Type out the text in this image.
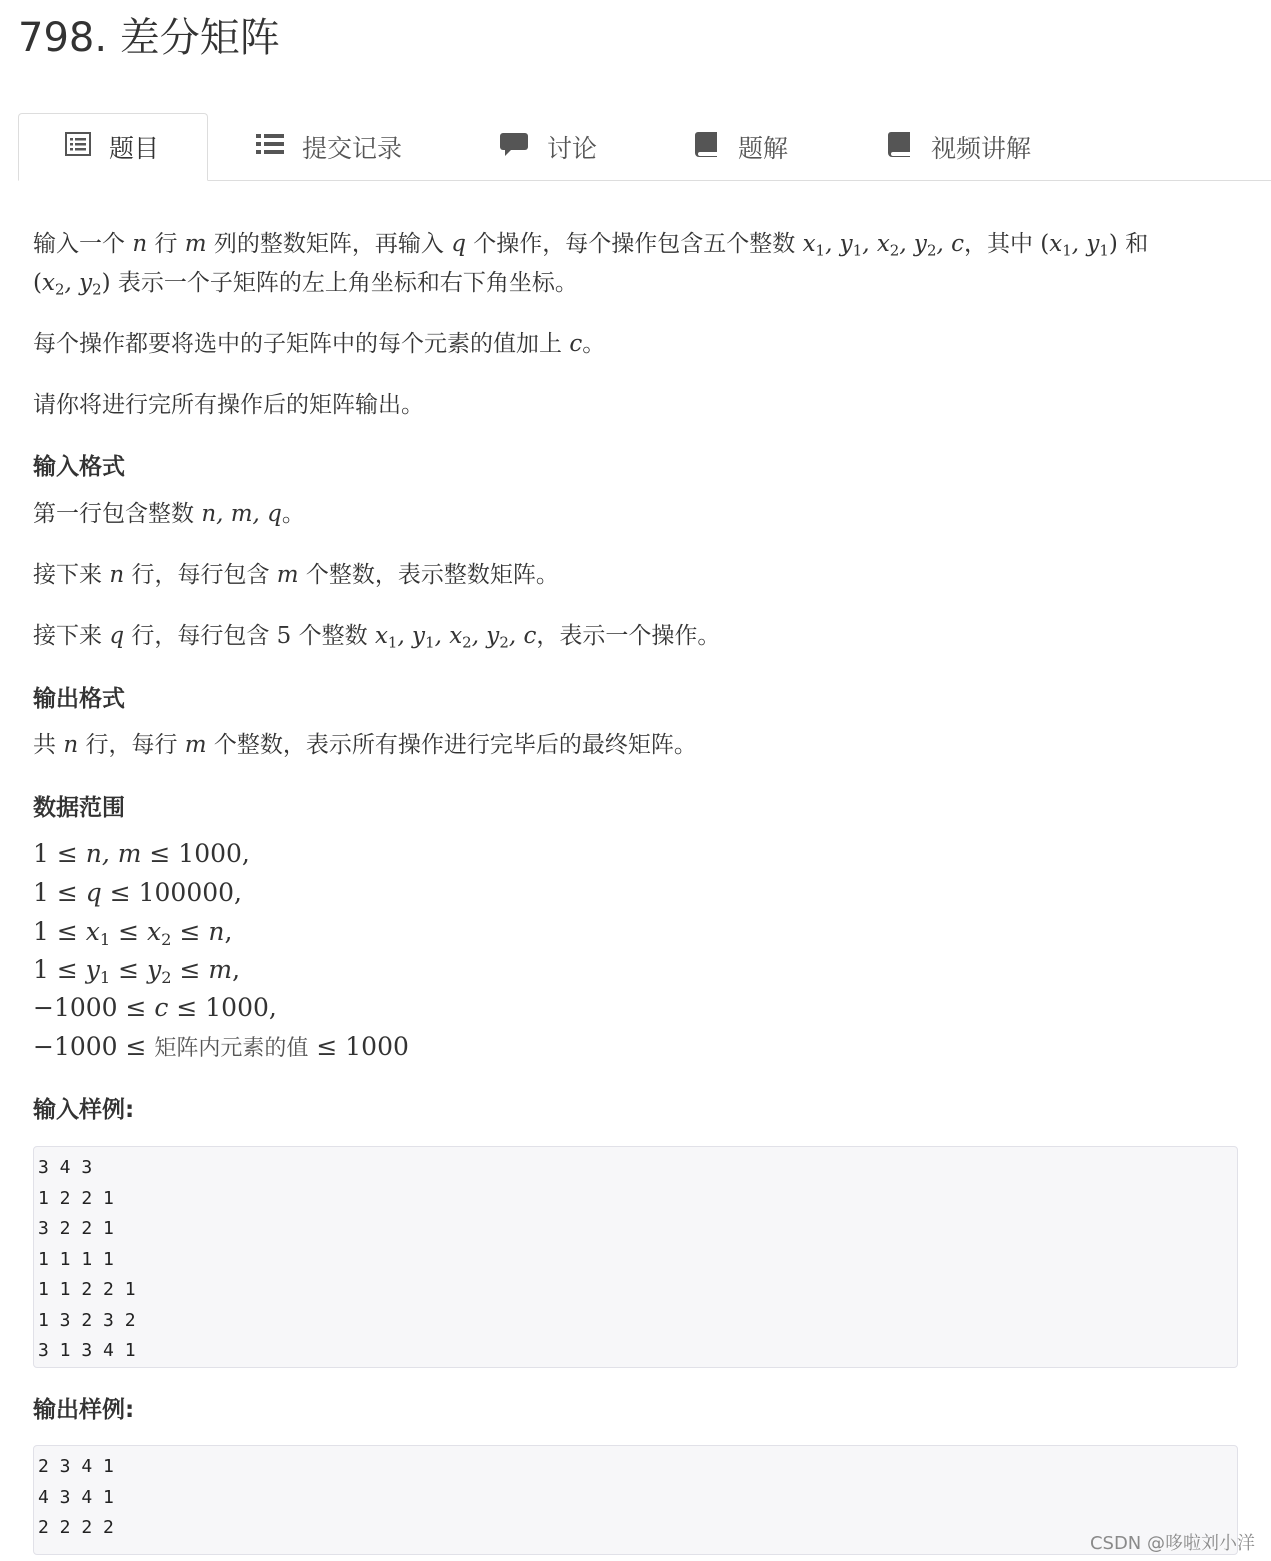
798. 差分矩阵
题目	提交记录	讨论	题解	视频讲解
输入一个 n 行 m 列的整数矩阵，再输入 q 个操作，每个操作包含五个整数 $x_1$, $y_1$, $x_2$, $y_2$, c，其中 ($x_1$, $y_1$) 和
($x_2$, $y_2$) 表示一个子矩阵的左上角坐标和右下角坐标。
每个操作都要将选中的子矩阵中的每个元素的值加上 c。
请你将进行完所有操作后的矩阵输出。
输入格式
第一行包含整数 n, m, q。
接下来 n 行，每行包含 m 个整数，表示整数矩阵。
接下来 q 行，每行包含 5 个整数 $x_1$, $y_1$, $x_2$, $y_2$, c，表示一个操作。
输出格式
共 n 行，每行 m 个整数，表示所有操作进行完毕后的最终矩阵。
数据范围
1 ≤ n, m ≤ 1000,
1 ≤ q ≤ 100000,
$1 \le x_1 \le x_2 \le n$,
$1 \le y_1 \le y_2 \le m$,
−1000 ≤ c ≤ 1000,
−1000 ≤ 矩阵内元素的值 ≤ 1000
输入样例:
3 4 3
1 2 2 1
3 2 2 1
1 1 1 1
1 1 2 2 1
1 3 2 3 2
3 1 3 4 1
输出样例:
2 3 4 1
4 3 4 1
2 2 2 2
CSDN @哆啦刘小洋
